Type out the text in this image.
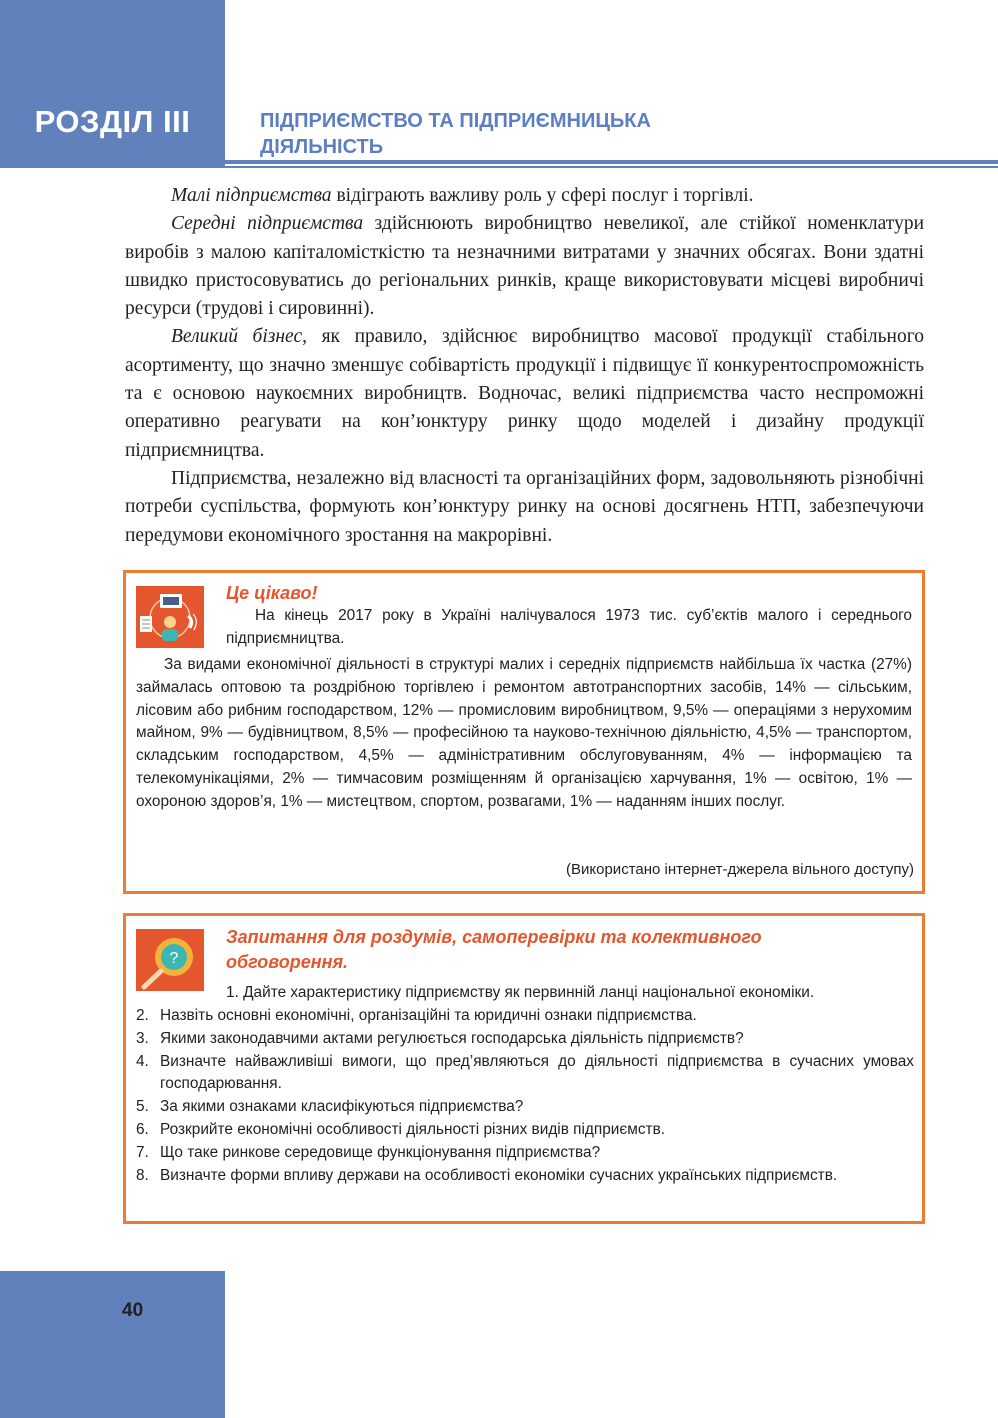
РОЗДІЛ ІІІ	ПІДПРИЄМСТВО ТА ПІДПРИЄМНИЦЬКА
ДІЯЛЬНІСТЬ

Малі підприємства відіграють важливу роль у сфері послуг і торгівлі.

Середні підприємства здійснюють виробництво невеликої, але стійкої номенклатури виробів з малою капіталомісткістю та незначними витратами у значних обсягах. Вони здатні швидко пристосовуватись до регіональних ринків, краще використовувати місцеві виробничі ресурси (трудові і сировинні).

Великий бізнес, як правило, здійснює виробництво масової продукції стабільного асортименту, що значно зменшує собівартість продукції і підвищує її конкурентоспроможність та є основою наукоємних виробництв. Водночас, великі підприємства часто неспроможні оперативно реагувати на кон’юнктуру ринку щодо моделей і дизайну продукції підприємництва.

Підприємства, незалежно від власності та організаційних форм, задовольняють різнобічні потреби суспільства, формують кон’юнктуру ринку на основі досягнень НТП, забезпечуючи передумови економічного зростання на макрорівні.

Це цікаво!

На кінець 2017 року в Україні налічувалося 1973 тис. суб’єктів малого і середнього підприємництва.

За видами економічної діяльності в структурі малих і середніх підприємств найбільша їх частка (27%) займалась оптовою та роздрібною торгівлею і ремонтом автотранспортних засобів, 14% — сільським, лісовим або рибним господарством, 12% — промисловим виробництвом, 9,5% — операціями з нерухомим майном, 9% — будівництвом, 8,5% — професійною та науково-технічною діяльністю, 4,5% — транспортом, складським господарством, 4,5% — адміністративним обслуговуванням, 4% — інформацією та телекомунікаціями, 2% — тимчасовим розміщенням й організацією харчування, 1% — освітою, 1% — охороною здоров’я, 1% — мистецтвом, спортом, розвагами, 1% — наданням інших послуг.

(Використано інтернет-джерела вільного доступу)
?
Запитання для роздумів, самоперевірки та колективного обговорення.
1. Дайте характеристику підприємству як первинній ланці національної економіки.
2. Назвіть основні економічні, організаційні та юридичні ознаки підприємства.
3. Якими законодавчими актами регулюється господарська діяльність підприємств?
4. Визначте найважливіші вимоги, що пред’являються до діяльності підприємства в сучасних умовах господарювання.
5. За якими ознаками класифікуються підприємства?
6. Розкрийте економічні особливості діяльності різних видів підприємств.
7. Що таке ринкове середовище функціонування підприємства?
8. Визначте форми впливу держави на особливості економіки сучасних українських підприємств.
40
